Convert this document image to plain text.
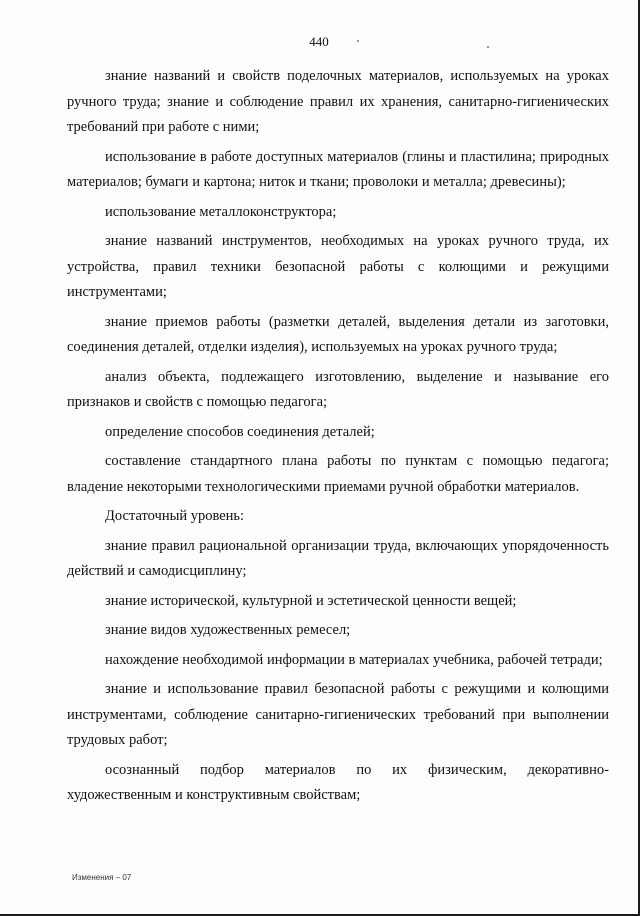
440

знание названий и свойств поделочных материалов, используемых на уроках ручного труда; знание и соблюдение правил их хранения, санитарно-гигиенических требований при работе с ними;

использование в работе доступных материалов (глины и пластилина; природных материалов; бумаги и картона; ниток и ткани; проволоки и металла; древесины);

использование металлоконструктора;

знание названий инструментов, необходимых на уроках ручного труда, их устройства, правил техники безопасной работы с колющими и режущими инструментами;

знание приемов работы (разметки деталей, выделения детали из заготовки, соединения деталей, отделки изделия), используемых на уроках ручного труда;

анализ объекта, подлежащего изготовлению, выделение и называние его признаков и свойств с помощью педагога;

определение способов соединения деталей;

составление стандартного плана работы по пунктам с помощью педагога; владение некоторыми технологическими приемами ручной обработки материалов.

Достаточный уровень:

знание правил рациональной организации труда, включающих упорядоченность действий и самодисциплину;

знание исторической, культурной и эстетической ценности вещей;

знание видов художественных ремесел;

нахождение необходимой информации в материалах учебника, рабочей тетради;

знание и использование правил безопасной работы с режущими и колющими инструментами, соблюдение санитарно-гигиенических требований при выполнении трудовых работ;

осознанный подбор материалов по их физическим, декоративно-художественным и конструктивным свойствам;

Изменения – 07
